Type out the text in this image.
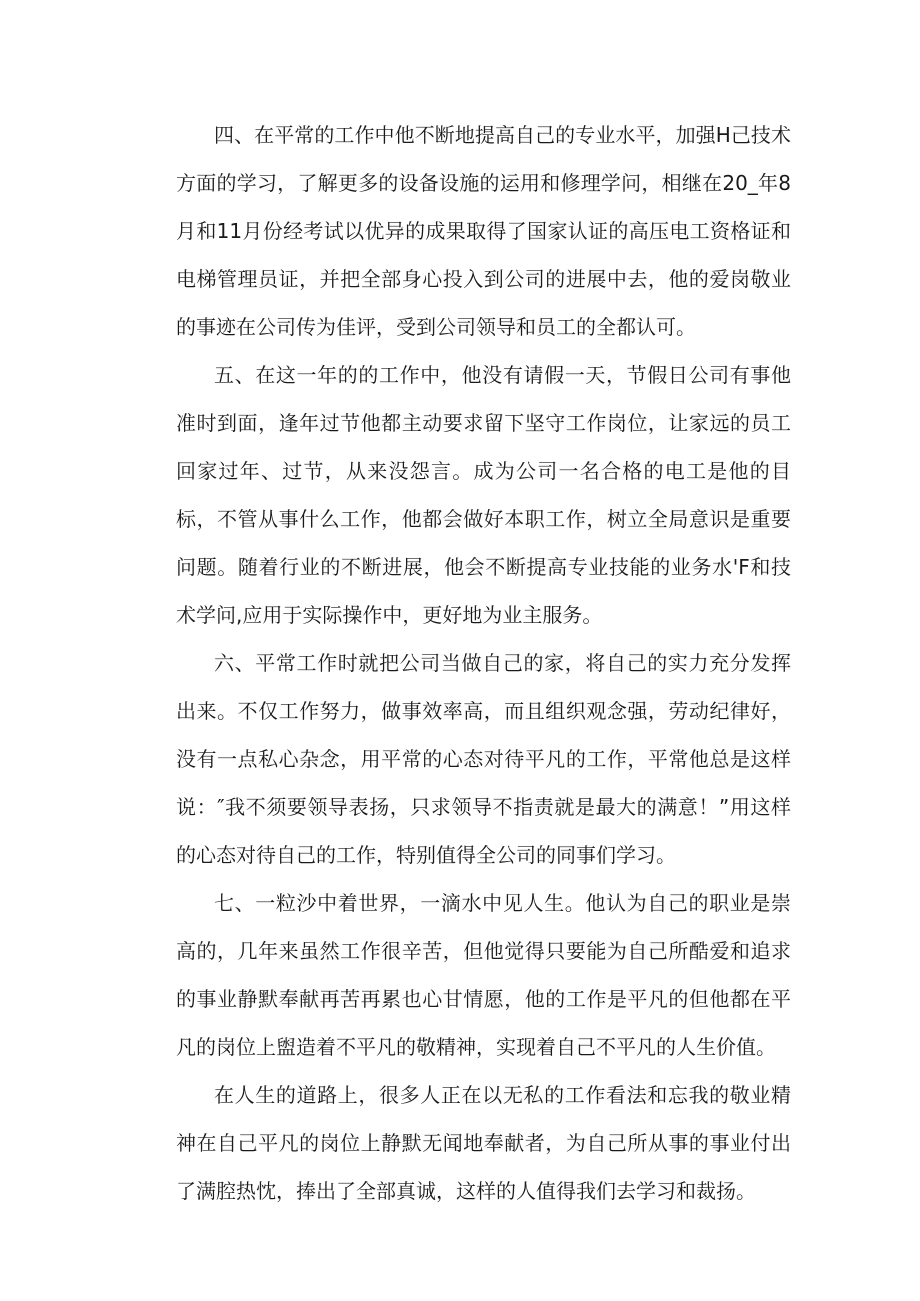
四、在平常的工作中他不断地提高自己的专业水平，加强H己技术方面的学习，了解更多的设备设施的运用和修理学问，相继在20_年8月和11月份经考试以优异的成果取得了国家认证的高压电工资格证和电梯管理员证，并把全部身心投入到公司的进展中去，他的爱岗敬业的事迹在公司传为佳评，受到公司领导和员工的全都认可。

五、在这一年的的工作中，他没有请假一天，节假日公司有事他准时到面，逢年过节他都主动要求留下坚守工作岗位，让家远的员工回家过年、过节，从来没怨言。成为公司一名合格的电工是他的目标，不管从事什么工作，他都会做好本职工作，树立全局意识是重要问题。随着行业的不断进展，他会不断提高专业技能的业务水'F和技术学问,应用于实际操作中，更好地为业主服务。

六、平常工作时就把公司当做自己的家，将自己的实力充分发挥出来。不仅工作努力，做事效率高，而且组织观念强，劳动纪律好，没有一点私心杂念，用平常的心态对待平凡的工作，平常他总是这样说：″我不须要领导表扬，只求领导不指责就是最大的满意！”用这样的心态对待自己的工作，特别值得全公司的同事们学习。

七、一粒沙中着世界，一滴水中见人生。他认为自己的职业是崇高的，几年来虽然工作很辛苦，但他觉得只要能为自己所酷爱和追求的事业静默奉献再苦再累也心甘情愿，他的工作是平凡的但他都在平凡的岗位上盥造着不平凡的敬精神，实现着自己不平凡的人生价值。

在人生的道路上，很多人正在以无私的工作看法和忘我的敬业精神在自己平凡的岗位上静默无闻地奉献者，为自己所从事的事业付出了满腔热忱，捧出了全部真诚，这样的人值得我们去学习和裁扬。
